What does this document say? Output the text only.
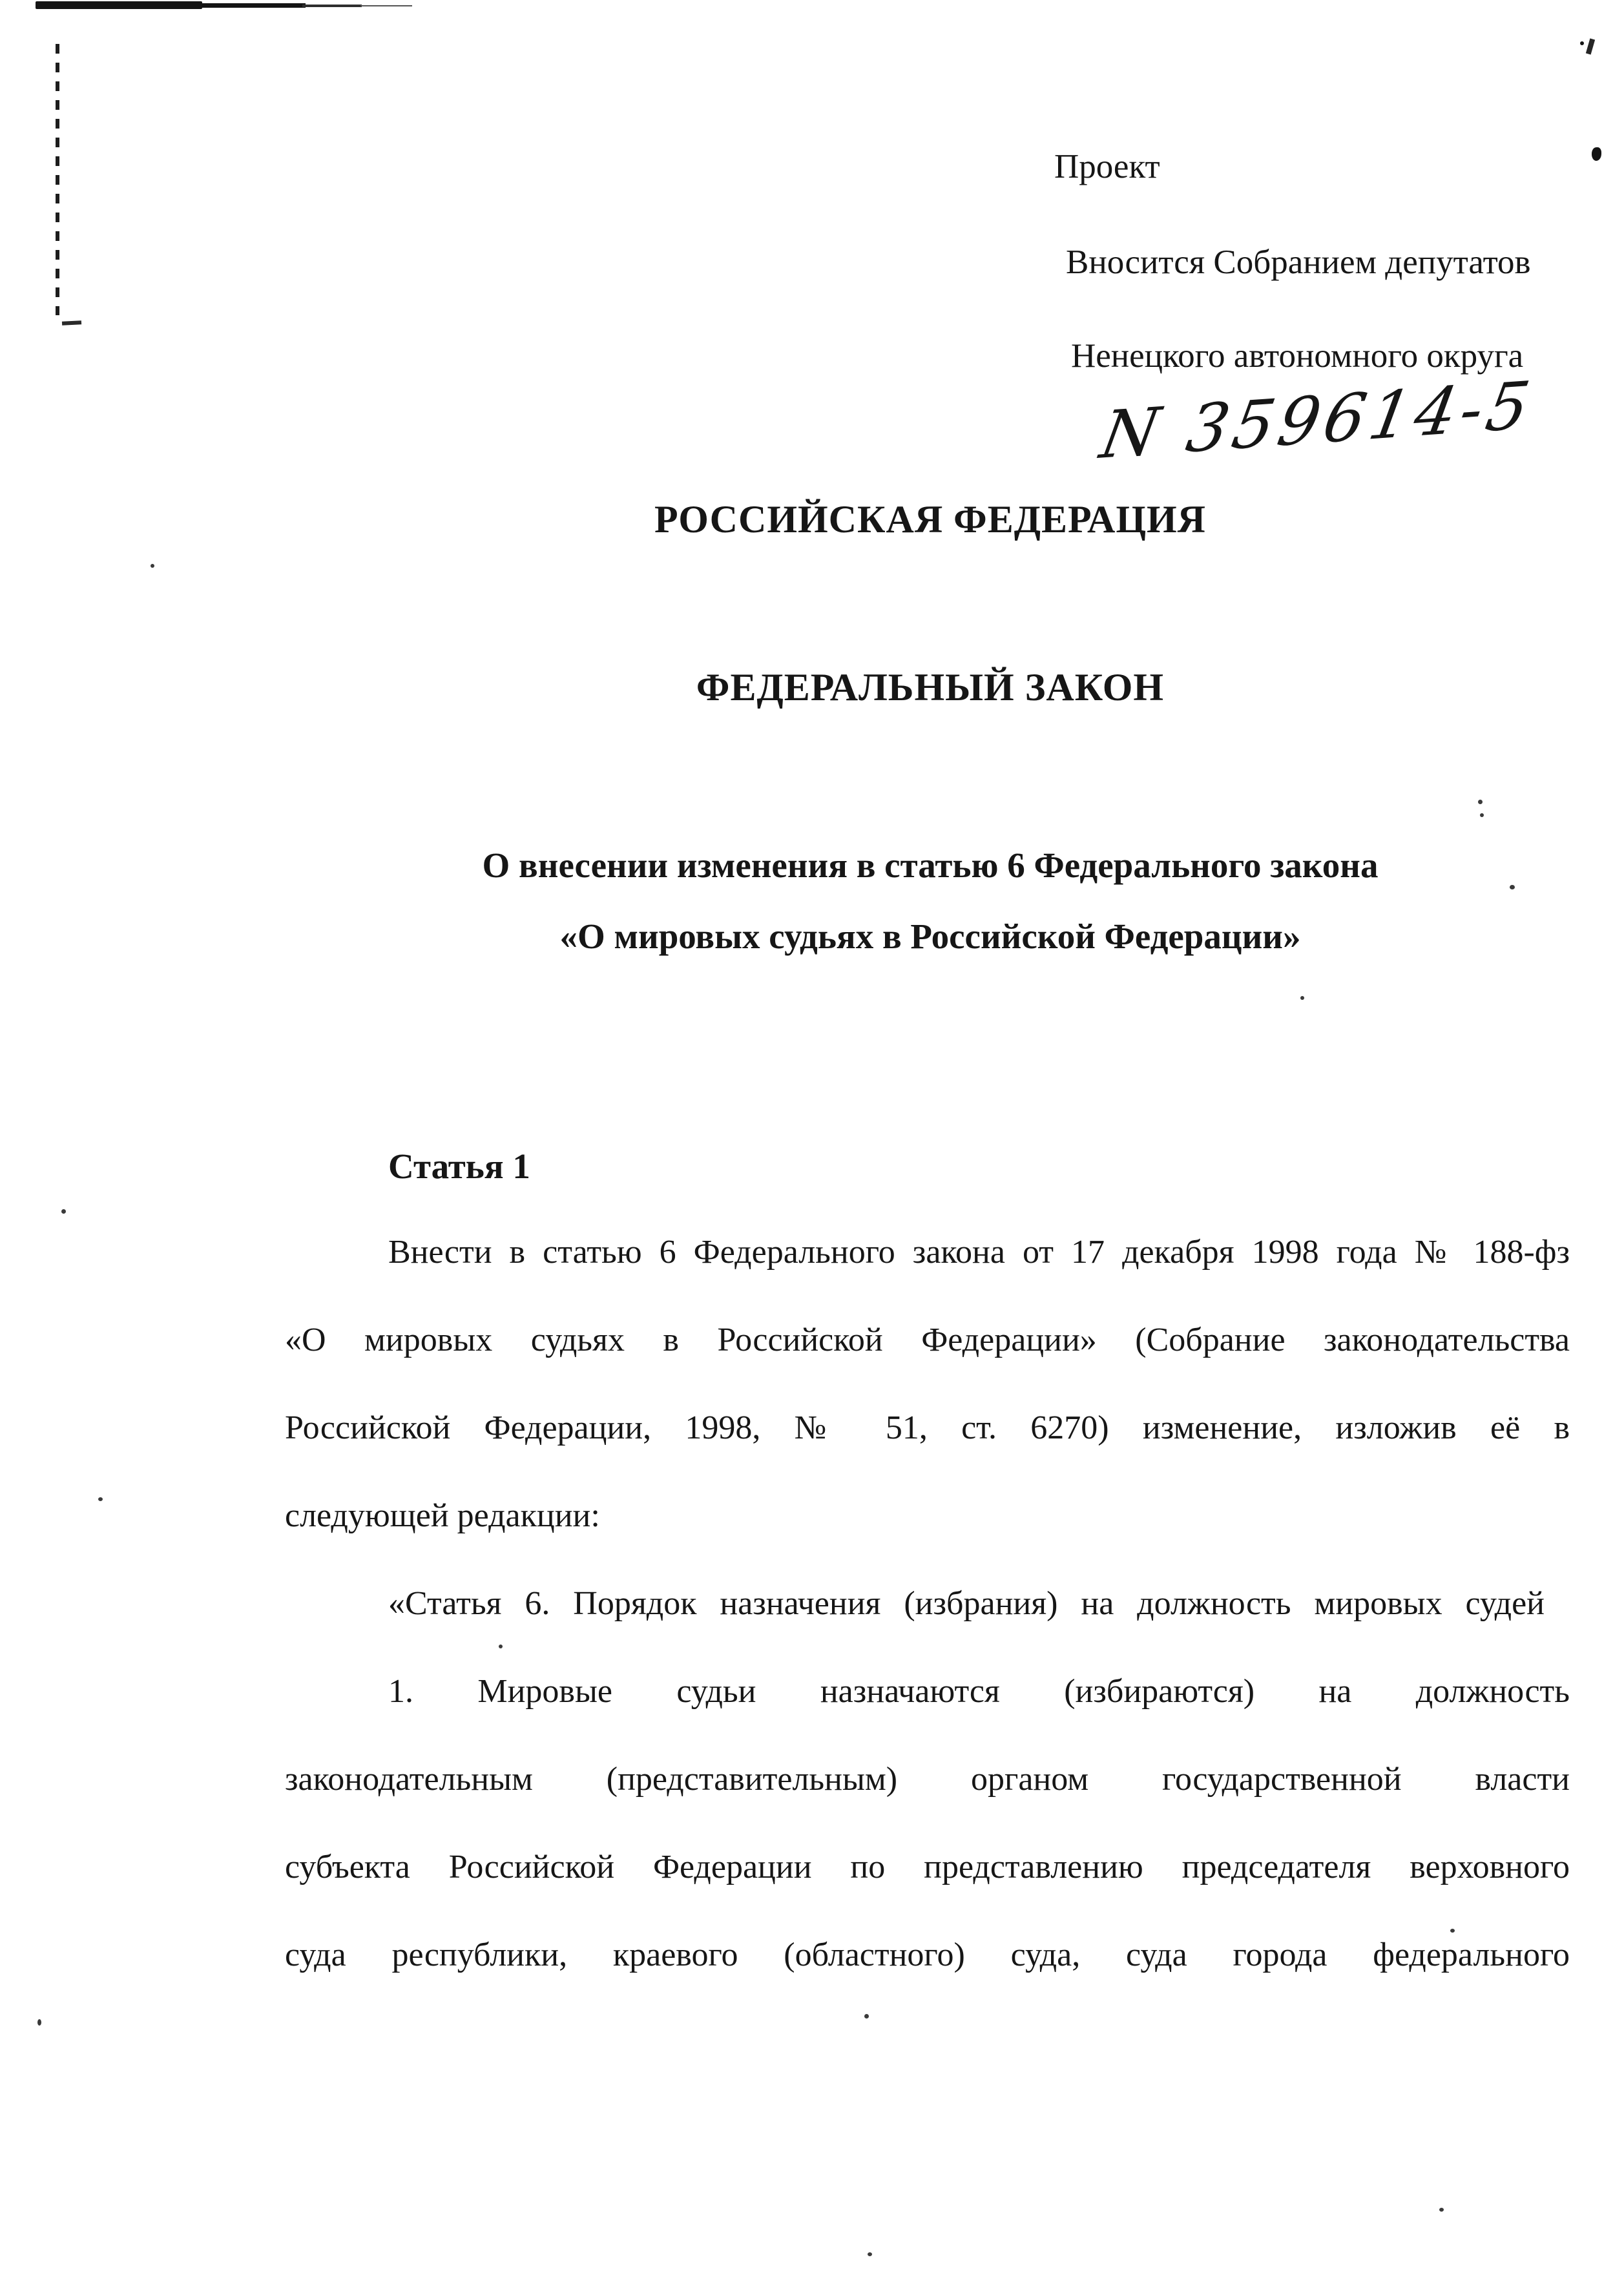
Проект
Вносится Собранием депутатов
Ненецкого автономного округа
N 359614-5
РОССИЙСКАЯ ФЕДЕРАЦИЯ
ФЕДЕРАЛЬНЫЙ ЗАКОН
О внесении изменения в статью 6 Федерального закона
«О мировых судьях в Российской Федерации»
Статья 1
Внести в статью 6 Федерального закона от 17 декабря 1998 года № 188-фз
«О мировых судьях в Российской Федерации» (Собрание законодательства
Российской Федерации, 1998, № 51, ст. 6270) изменение, изложив её в
следующей редакции:
«Статья 6. Порядок назначения (избрания) на должность мировых судей
1. Мировые судьи назначаются (избираются) на должность
законодательным (представительным) органом государственной власти
субъекта Российской Федерации по представлению председателя верховного
суда республики, краевого (областного) суда, суда города федерального
